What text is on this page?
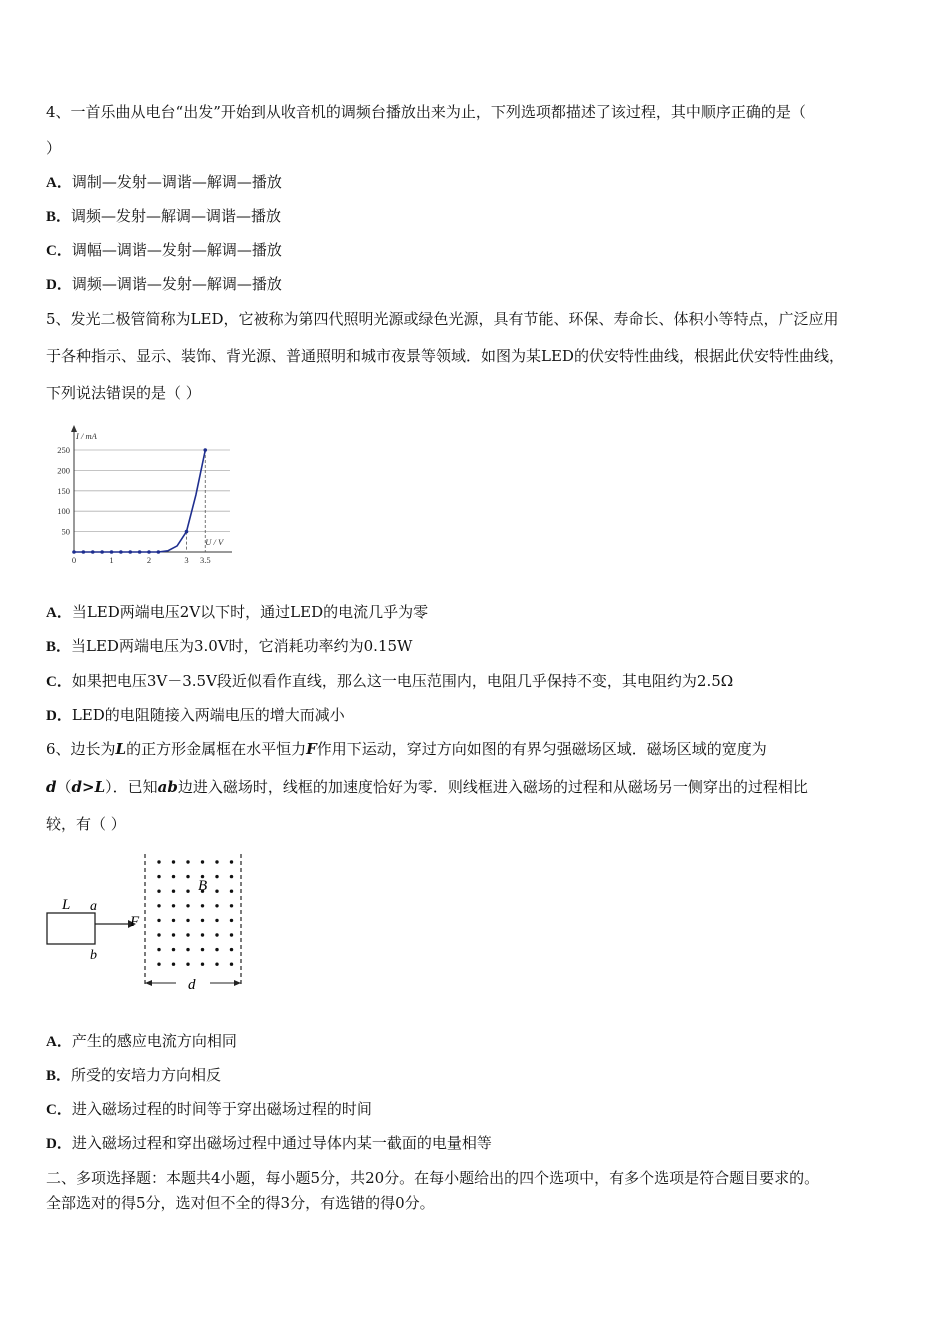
4、一首乐曲从电台“出发”开始到从收音机的调频台播放出来为止，下列选项都描述了该过程，其中顺序正确的是（
）
A．调制—发射—调谐—解调—播放
B．调频—发射—解调—调谐—播放
C．调幅—调谐—发射—解调—播放
D．调频—调谐—发射—解调—播放
5、发光二极管简称为LED，它被称为第四代照明光源或绿色光源，具有节能、环保、寿命长、体积小等特点，广泛应用
于各种指示、显示、装饰、背光源、普通照明和城市夜景等领域．如图为某LED的伏安特性曲线，根据此伏安特性曲线，
下列说法错误的是（ ）
50
100
150
200
250
0	1	2	3 3.5
I / mA
U / V
A．当LED两端电压2V以下时，通过LED的电流几乎为零
B．当LED两端电压为3.0V时，它消耗功率约为0.15W
C．如果把电压3V－3.5V段近似看作直线，那么这一电压范围内，电阻几乎保持不变，其电阻约为2.5Ω
D．LED的电阻随接入两端电压的增大而减小
6、边长为L的正方形金属框在水平恒力F作用下运动，穿过方向如图的有界匀强磁场区域．磁场区域的宽度为
d（d>L）．已知ab边进入磁场时，线框的加速度恰好为零．则线框进入磁场的过程和从磁场另一侧穿出的过程相比
较，有（ ）
L a
b
F
B
d
A．产生的感应电流方向相同
B．所受的安培力方向相反
C．进入磁场过程的时间等于穿出磁场过程的时间
D．进入磁场过程和穿出磁场过程中通过导体内某一截面的电量相等
二、多项选择题：本题共4小题，每小题5分，共20分。在每小题给出的四个选项中，有多个选项是符合题目要求的。
全部选对的得5分，选对但不全的得3分，有选错的得0分。
